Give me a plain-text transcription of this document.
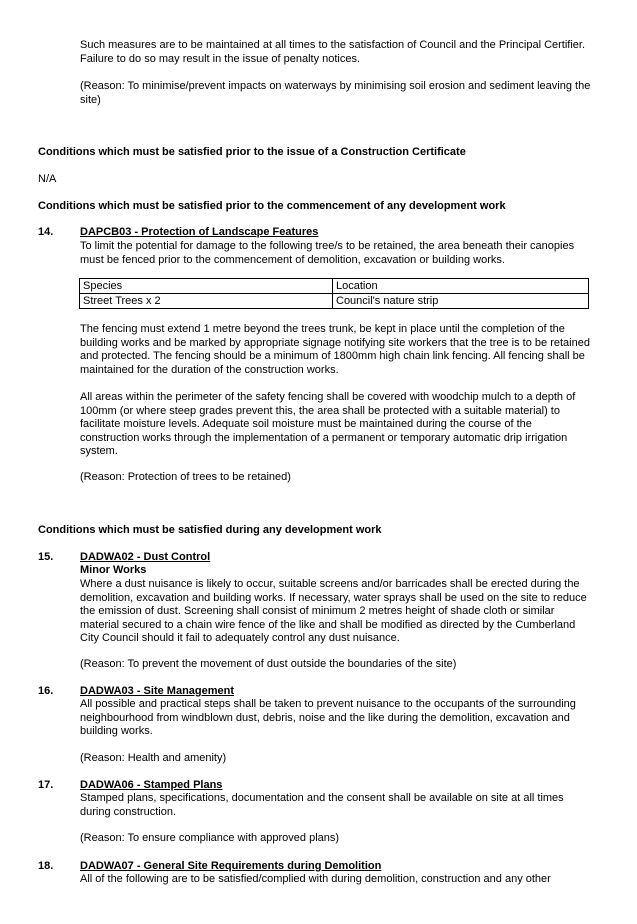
Such measures are to be maintained at all times to the satisfaction of Council and the Principal Certifier. Failure to do so may result in the issue of penalty notices.
(Reason: To minimise/prevent impacts on waterways by minimising soil erosion and sediment leaving the site)
Conditions which must be satisfied prior to the issue of a Construction Certificate
N/A
Conditions which must be satisfied prior to the commencement of any development work
14. DAPCB03 - Protection of Landscape Features
To limit the potential for damage to the following tree/s to be retained, the area beneath their canopies must be fenced prior to the commencement of demolition, excavation or building works.
Species	Location
Street Trees x 2	Council's nature strip
The fencing must extend 1 metre beyond the trees trunk, be kept in place until the completion of the building works and be marked by appropriate signage notifying site workers that the tree is to be retained and protected. The fencing should be a minimum of 1800mm high chain link fencing. All fencing shall be maintained for the duration of the construction works.
All areas within the perimeter of the safety fencing shall be covered with woodchip mulch to a depth of 100mm (or where steep grades prevent this, the area shall be protected with a suitable material) to facilitate moisture levels. Adequate soil moisture must be maintained during the course of the construction works through the implementation of a permanent or temporary automatic drip irrigation system.
(Reason: Protection of trees to be retained)
Conditions which must be satisfied during any development work
15. DADWA02 - Dust Control
Minor Works
Where a dust nuisance is likely to occur, suitable screens and/or barricades shall be erected during the demolition, excavation and building works. If necessary, water sprays shall be used on the site to reduce the emission of dust. Screening shall consist of minimum 2 metres height of shade cloth or similar material secured to a chain wire fence of the like and shall be modified as directed by the Cumberland City Council should it fail to adequately control any dust nuisance.
(Reason: To prevent the movement of dust outside the boundaries of the site)
16. DADWA03 - Site Management
All possible and practical steps shall be taken to prevent nuisance to the occupants of the surrounding neighbourhood from windblown dust, debris, noise and the like during the demolition, excavation and building works.
(Reason: Health and amenity)
17. DADWA06 - Stamped Plans
Stamped plans, specifications, documentation and the consent shall be available on site at all times during construction.
(Reason: To ensure compliance with approved plans)
18. DADWA07 - General Site Requirements during Demolition
All of the following are to be satisfied/complied with during demolition, construction and any other
